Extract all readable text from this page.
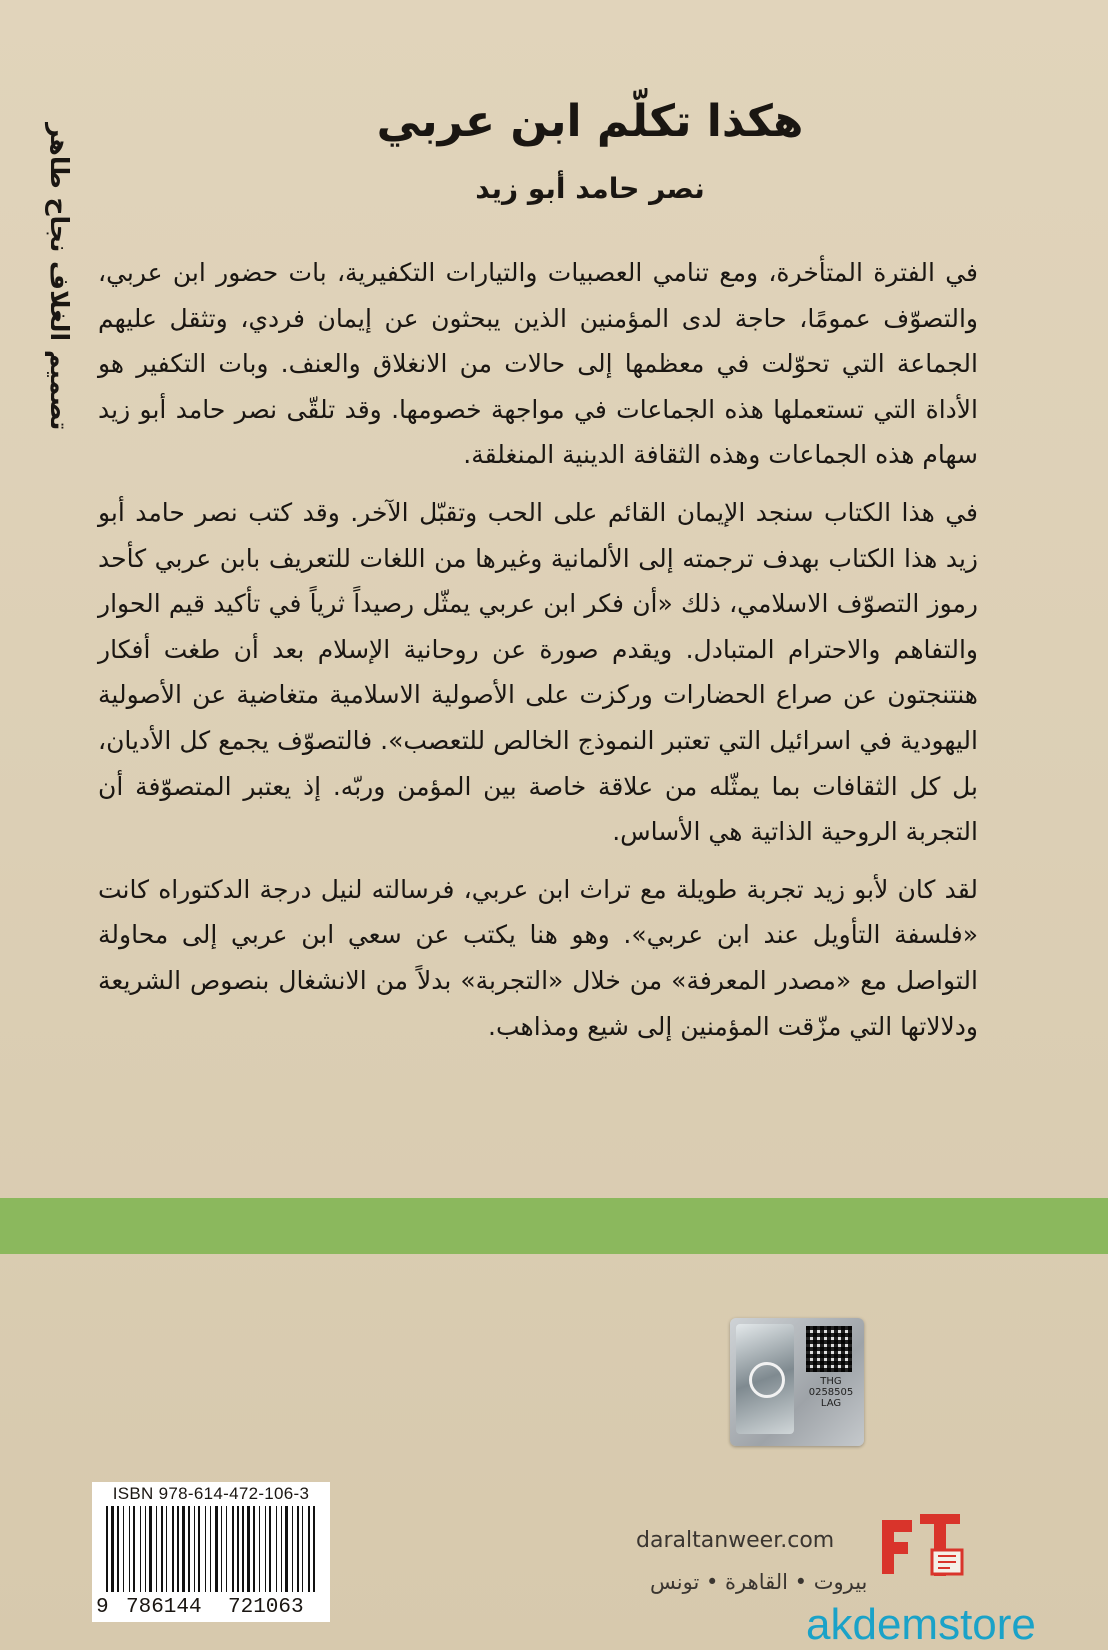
تصميم الغلاف نجاح طاهر
هكذا تكلّم ابن عربي
نصر حامد أبو زيد

في الفترة المتأخرة، ومع تنامي العصبيات والتيارات التكفيرية، بات حضور ابن عربي، والتصوّف عمومًا، حاجة لدى المؤمنين الذين يبحثون عن إيمان فردي، وتثقل عليهم الجماعة التي تحوّلت في معظمها إلى حالات من الانغلاق والعنف. وبات التكفير هو الأداة التي تستعملها هذه الجماعات في مواجهة خصومها. وقد تلقّى نصر حامد أبو زيد سهام هذه الجماعات وهذه الثقافة الدينية المنغلقة.

في هذا الكتاب سنجد الإيمان القائم على الحب وتقبّل الآخر. وقد كتب نصر حامد أبو زيد هذا الكتاب بهدف ترجمته إلى الألمانية وغيرها من اللغات للتعريف بابن عربي كأحد رموز التصوّف الاسلامي، ذلك «أن فكر ابن عربي يمثّل رصيداً ثرياً في تأكيد قيم الحوار والتفاهم والاحترام المتبادل. ويقدم صورة عن روحانية الإسلام بعد أن طغت أفكار هنتنجتون عن صراع الحضارات وركزت على الأصولية الاسلامية متغاضية عن الأصولية اليهودية في اسرائيل التي تعتبر النموذج الخالص للتعصب». فالتصوّف يجمع كل الأديان، بل كل الثقافات بما يمثّله من علاقة خاصة بين المؤمن وربّه. إذ يعتبر المتصوّفة أن التجربة الروحية الذاتية هي الأساس.

لقد كان لأبو زيد تجربة طويلة مع تراث ابن عربي، فرسالته لنيل درجة الدكتوراه كانت «فلسفة التأويل عند ابن عربي». وهو هنا يكتب عن سعي ابن عربي إلى محاولة التواصل مع «مصدر المعرفة» من خلال «التجربة» بدلاً من الانشغال بنصوص الشريعة ودلالاتها التي مزّقت المؤمنين إلى شيع ومذاهب.

THG
0258505
LAG
ISBN 978-614-472-106-3
9 786144 721063
daraltanweer.com
بيروت • القاهرة • تونس
akdemstore
